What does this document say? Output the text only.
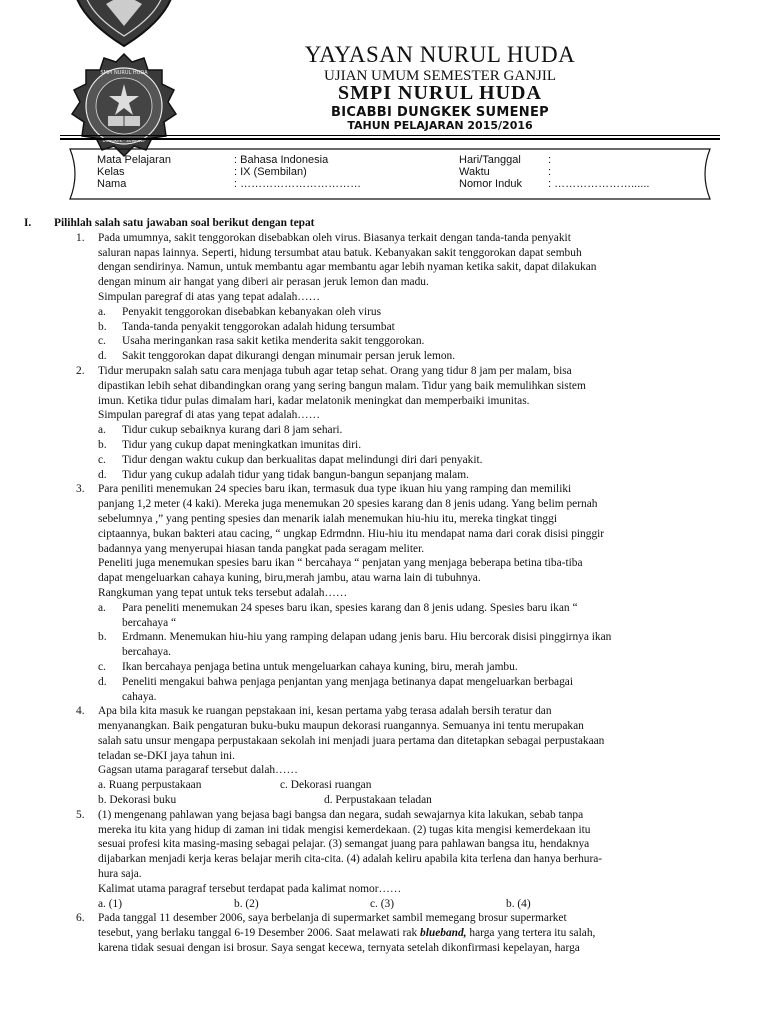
SMPI NURUL HUDA
DUNGKEK · SUMENEP
YAYASAN NURUL HUDA
UJIAN UMUM SEMESTER GANJIL
SMPI NURUL HUDA
BICABBI DUNGKEK SUMENEP
TAHUN PELAJARAN 2015/2016
Mata Pelajaran	: Bahasa Indonesia
Kelas	: IX (Sembilan)
Nama	: ……………………………
Hari/Tanggal :
Waktu	:
Nomor Induk : …………………......
I. Pilihlah salah satu jawaban soal berikut dengan tepat
1. Pada umumnya, sakit tenggorokan disebabkan oleh virus. Biasanya terkait dengan tanda-tanda penyakit
saluran napas lainnya. Seperti, hidung tersumbat atau batuk. Kebanyakan sakit tenggorokan dapat sembuh
dengan sendirinya. Namun, untuk membantu agar membantu agar lebih nyaman ketika sakit, dapat dilakukan
dengan minum air hangat yang diberi air perasan jeruk lemon dan madu.
Simpulan paregraf di atas yang tepat adalah……
a. Penyakit tenggorokan disebabkan kebanyakan oleh virus
b. Tanda-tanda penyakit tenggorokan adalah hidung tersumbat
c. Usaha meringankan rasa sakit ketika menderita sakit tenggorokan.
d. Sakit tenggorokan dapat dikurangi dengan minumair persan jeruk lemon.
2. Tidur merupakn salah satu cara menjaga tubuh agar tetap sehat. Orang yang tidur 8 jam per malam, bisa
dipastikan lebih sehat dibandingkan orang yang sering bangun malam. Tidur yang baik memulihkan sistem
imun. Ketika tidur pulas dimalam hari, kadar melatonik meningkat dan memperbaiki imunitas.
Simpulan paregraf di atas yang tepat adalah……
a. Tidur cukup sebaiknya kurang dari 8 jam sehari.
b. Tidur yang cukup dapat meningkatkan imunitas diri.
c. Tidur dengan waktu cukup dan berkualitas dapat melindungi diri dari penyakit.
d. Tidur yang cukup adalah tidur yang tidak bangun-bangun sepanjang malam.
3. Para peniliti menemukan 24 species baru ikan, termasuk dua type ikuan hiu yang ramping dan memiliki
panjang 1,2 meter (4 kaki). Mereka juga menemukan 20 spesies karang dan 8 jenis udang. Yang belim pernah
sebelumnya ,” yang penting spesies dan menarik ialah menemukan hiu-hiu itu, mereka tingkat tinggi
ciptaannya, bukan bakteri atau cacing, “ ungkap Edrmdnn. Hiu-hiu itu mendapat nama dari corak disisi pinggir
badannya yang menyerupai hiasan tanda pangkat pada seragam meliter.
Peneliti juga menemukan spesies baru ikan “ bercahaya “ penjatan yang menjaga beberapa betina tiba-tiba
dapat mengeluarkan cahaya kuning, biru,merah jambu, atau warna lain di tubuhnya.
Rangkuman yang tepat untuk teks tersebut adalah……
a. Para peneliti menemukan 24 speses baru ikan, spesies karang dan 8 jenis udang. Spesies baru ikan “
bercahaya “
b. Erdmann. Menemukan hiu-hiu yang ramping delapan udang jenis baru. Hiu bercorak disisi pinggirnya ikan
bercahaya.
c. Ikan bercahaya penjaga betina untuk mengeluarkan cahaya kuning, biru, merah jambu.
d. Peneliti mengakui bahwa penjaga penjantan yang menjaga betinanya dapat mengeluarkan berbagai
cahaya.
4. Apa bila kita masuk ke ruangan pepstakaan ini, kesan pertama yabg terasa adalah bersih teratur dan
menyanangkan. Baik pengaturan buku-buku maupun dekorasi ruangannya. Semuanya ini tentu merupakan
salah satu unsur mengapa perpustakaan sekolah ini menjadi juara pertama dan ditetapkan sebagai perpustakaan
teladan se-DKI jaya tahun ini.
Gagsan utama paragaraf tersebut dalah……
a. Ruang perpustakaan	c. Dekorasi ruangan
b. Dekorasi buku	d. Perpustakaan teladan
5. (1) mengenang pahlawan yang bejasa bagi bangsa dan negara, sudah sewajarnya kita lakukan, sebab tanpa
mereka itu kita yang hidup di zaman ini tidak mengisi kemerdekaan. (2) tugas kita mengisi kemerdekaan itu
sesuai profesi kita masing-masing sebagai pelajar. (3) semangat juang para pahlawan bangsa itu, hendaknya
dijabarkan menjadi kerja keras belajar merih cita-cita. (4) adalah keliru apabila kita terlena dan hanya berhura-
hura saja.
Kalimat utama paragraf tersebut terdapat pada kalimat nomor……
a. (1)	b. (2)	c. (3)	b. (4)
6. Pada tanggal 11 desember 2006, saya berbelanja di supermarket sambil memegang brosur supermarket
tesebut, yang berlaku tanggal 6-19 Desember 2006. Saat melawati rak blueband, harga yang tertera itu salah,
karena tidak sesuai dengan isi brosur. Saya sengat kecewa, ternyata setelah dikonfirmasi kepelayan, harga
